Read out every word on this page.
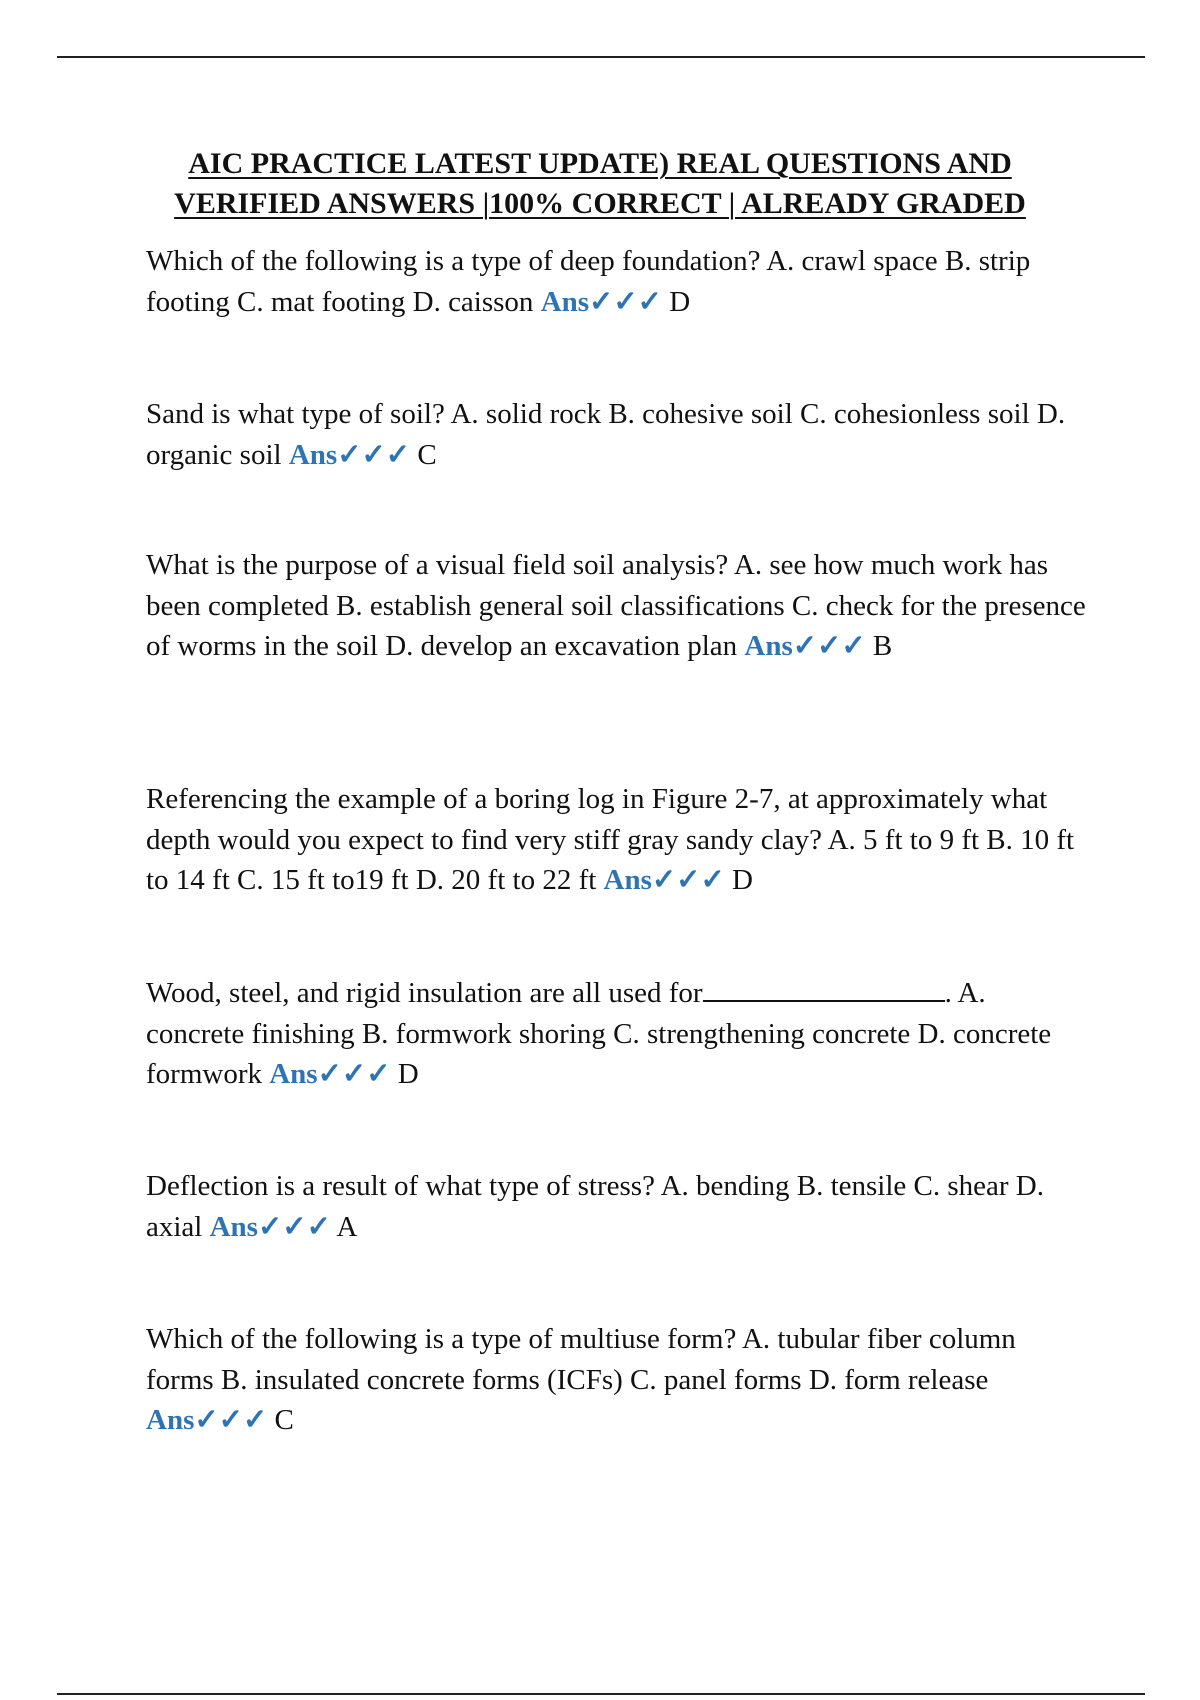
AIC PRACTICE LATEST UPDATE) REAL QUESTIONS AND
VERIFIED ANSWERS |100% CORRECT | ALREADY GRADED

Which of the following is a type of deep foundation? A. crawl space B. strip footing C. mat footing D. caisson Ans✓✓✓ D

Sand is what type of soil? A. solid rock B. cohesive soil C. cohesionless soil D. organic soil Ans✓✓✓ C

What is the purpose of a visual field soil analysis? A. see how much work has been completed B. establish general soil classifications C. check for the presence of worms in the soil D. develop an excavation plan Ans✓✓✓ B

Referencing the example of a boring log in Figure 2-7, at approximately what depth would you expect to find very stiff gray sandy clay? A. 5 ft to 9 ft B. 10 ft to 14 ft C. 15 ft to19 ft D. 20 ft to 22 ft Ans✓✓✓ D

Wood, steel, and rigid insulation are all used for	. A. concrete finishing B. formwork shoring C. strengthening concrete D. concrete formwork Ans✓✓✓ D

Deflection is a result of what type of stress? A. bending B. tensile C. shear D. axial Ans✓✓✓ A

Which of the following is a type of multiuse form? A. tubular fiber column forms B. insulated concrete forms (ICFs) C. panel forms D. form release Ans✓✓✓ C
